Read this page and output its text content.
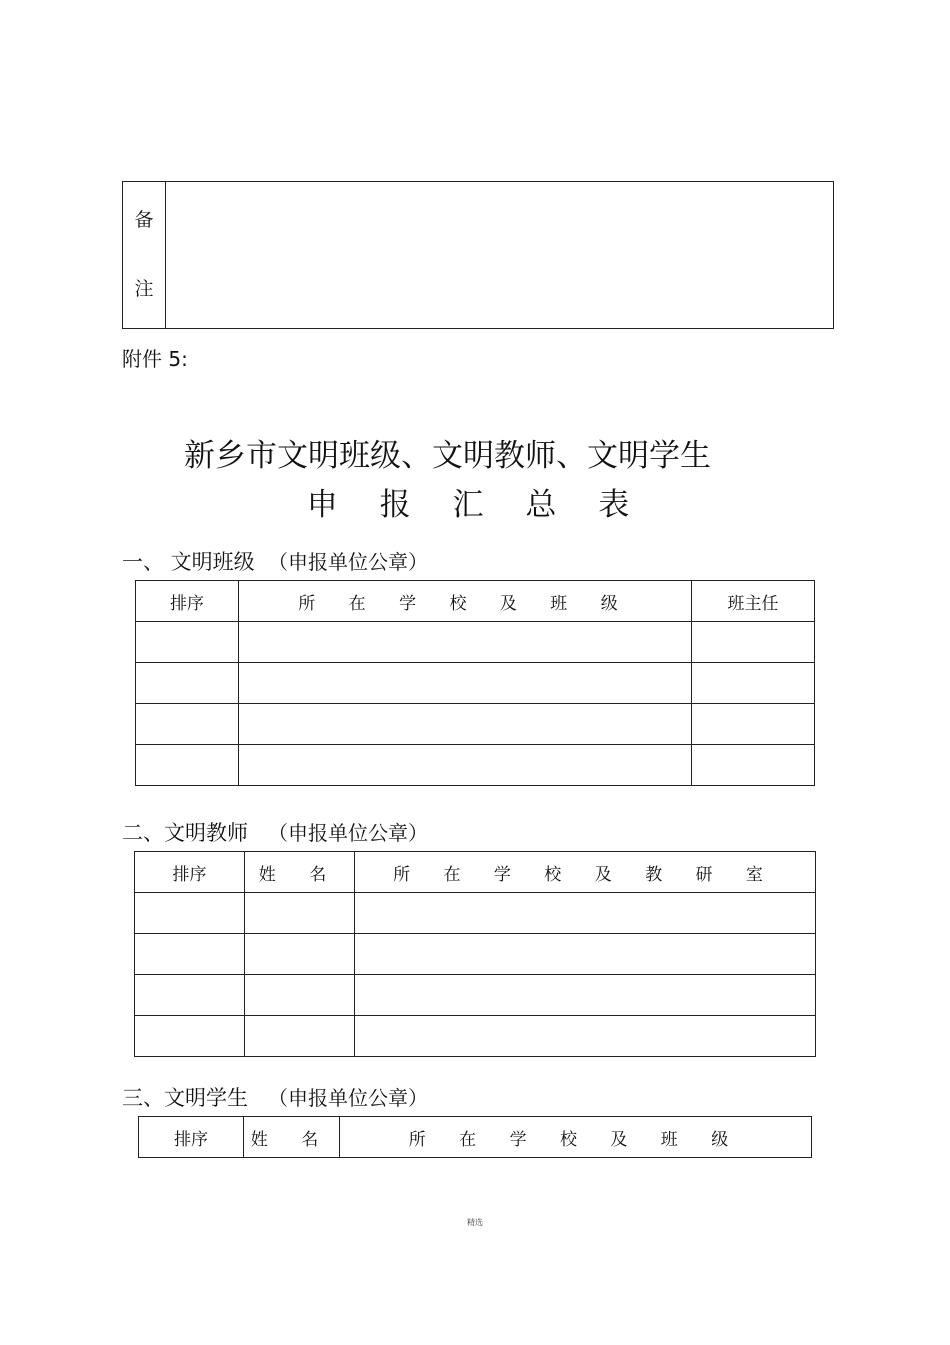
备
注

附件 5:
新乡市文明班级、文明教师、文明学生
申 报 汇 总 表
一、 文明班级 （申报单位公章）
排序	所 在 学 校 及 班 级	班主任

二、文明教师 （申报单位公章）
排序	姓 名	所 在 学 校 及 教 研 室

三、文明学生 （申报单位公章）
排序	姓 名	所 在 学 校 及 班 级
精选
